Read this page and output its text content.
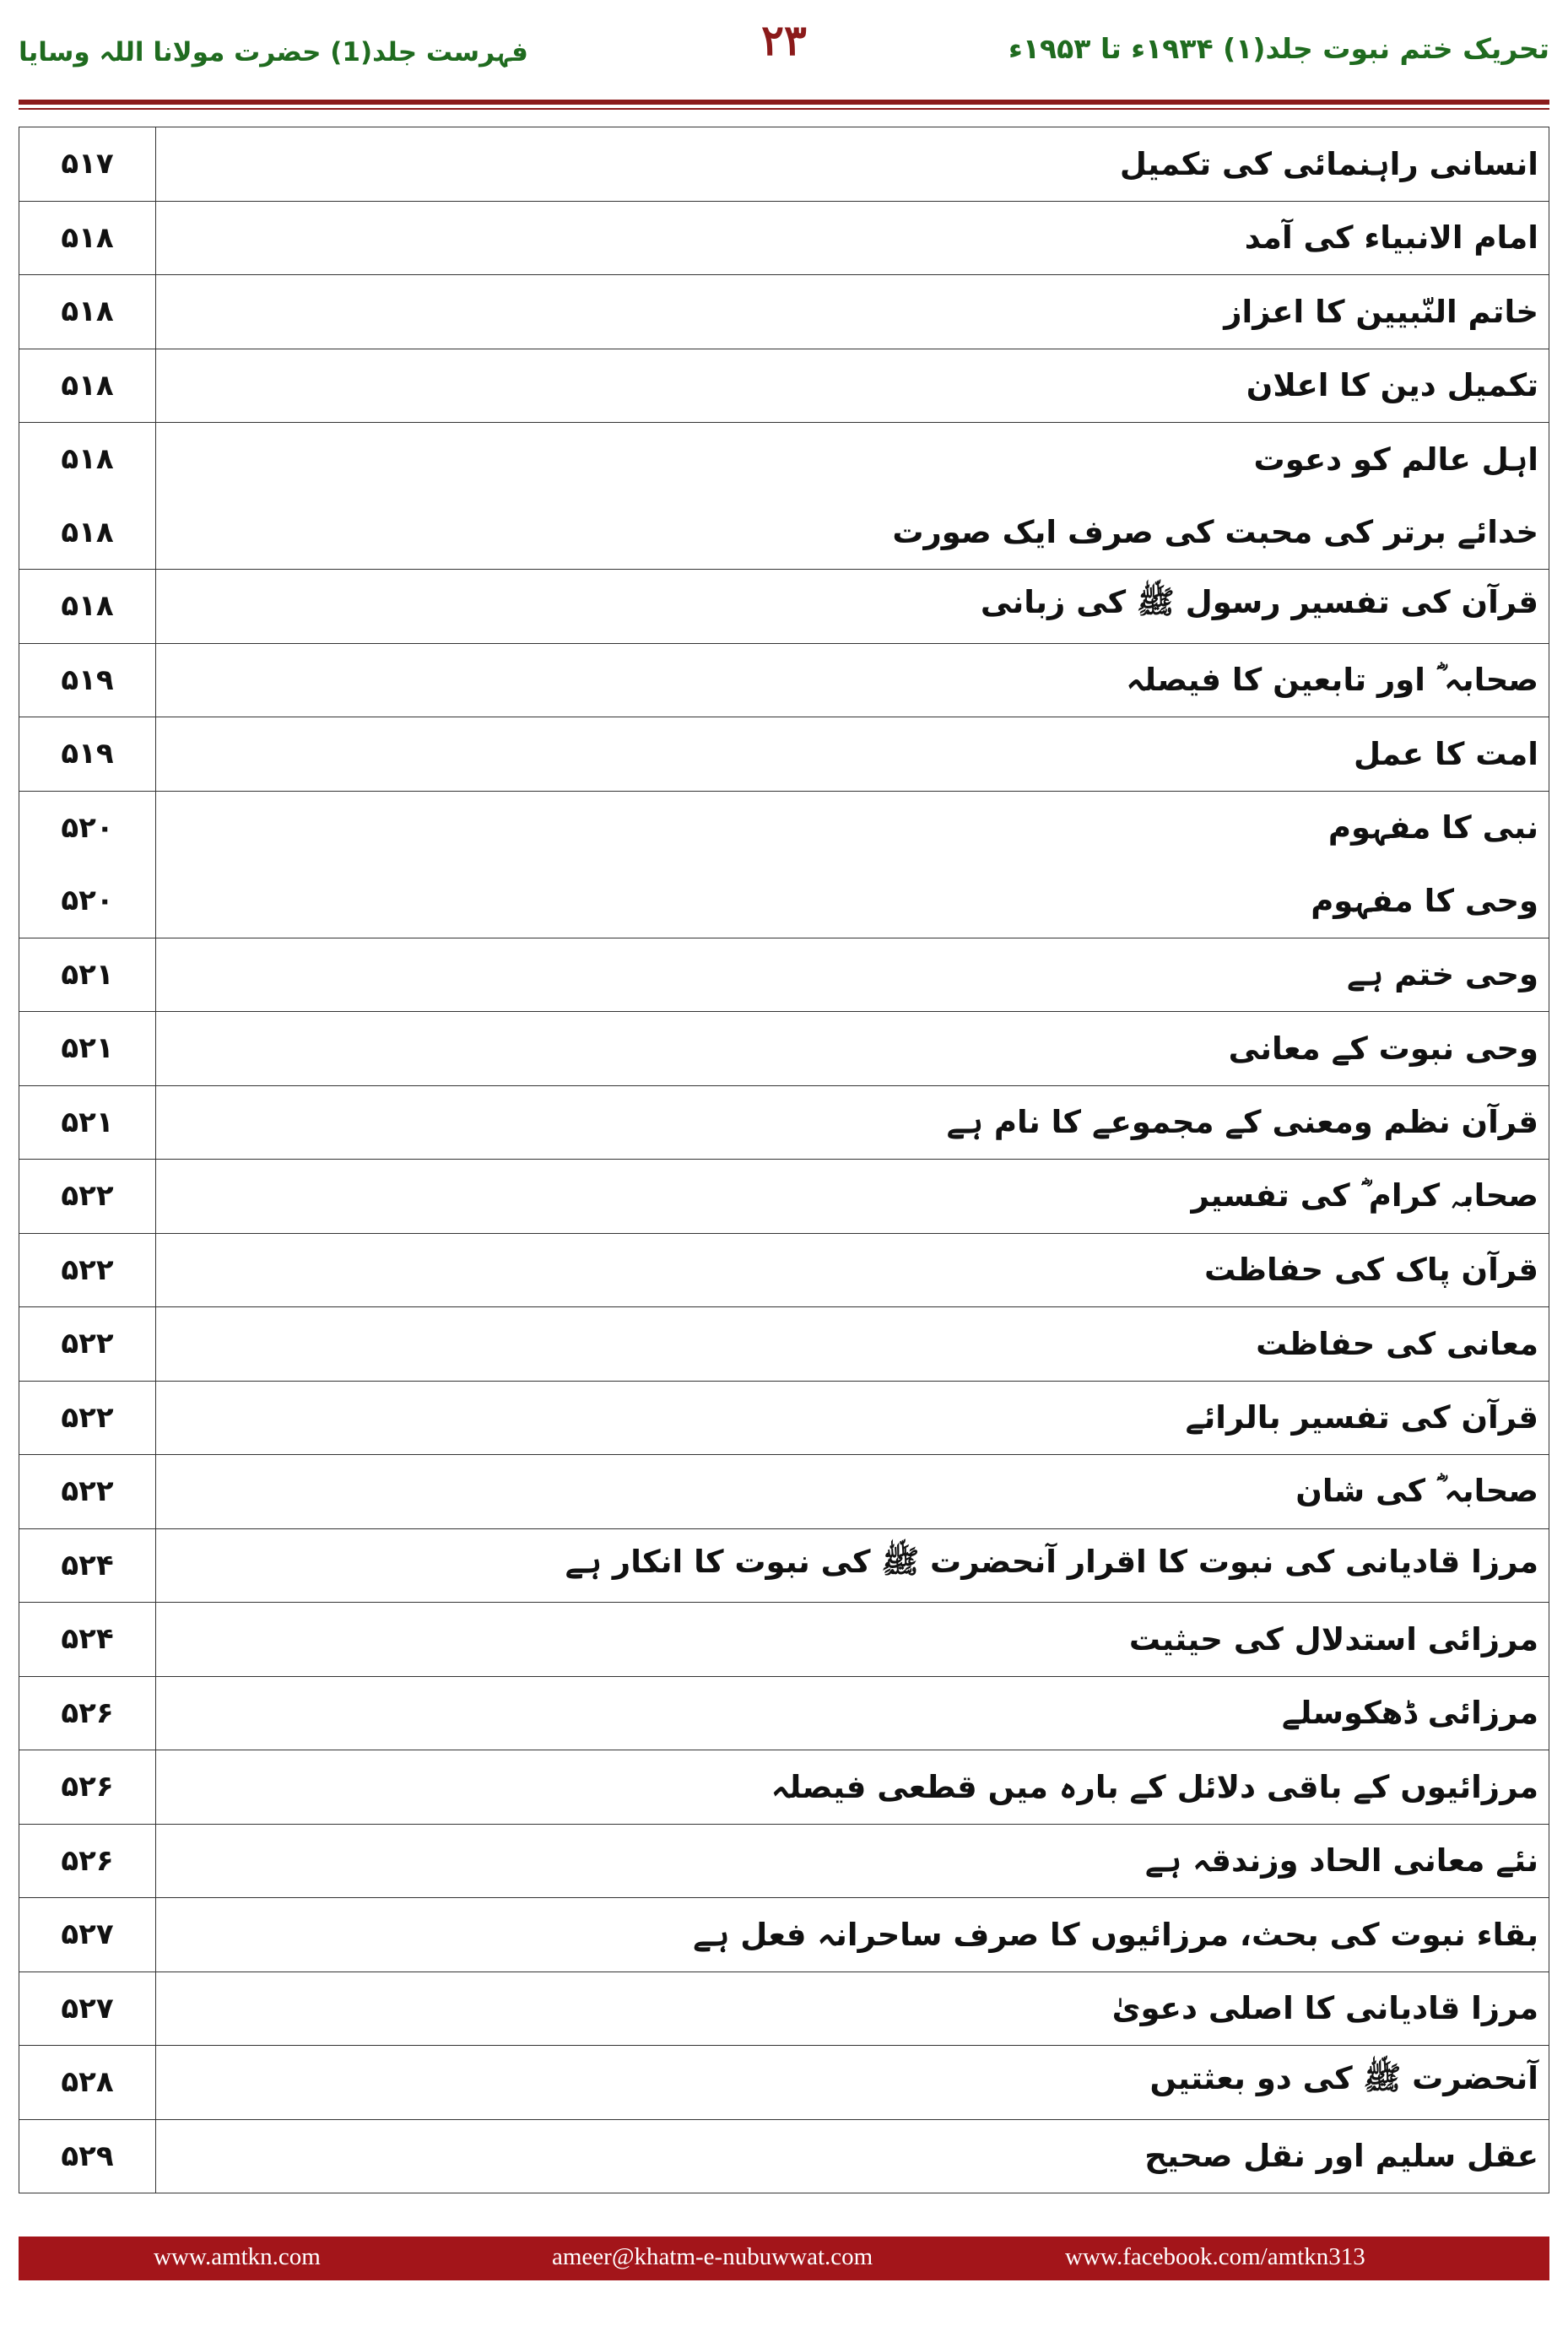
تحریک ختم نبوت جلد(۱) ۱۹۳۴ء تا ۱۹۵۳ء
۲۳
فہرست جلد(1) حضرت مولانا اللہ وسایا
۵۱۷	انسانی راہنمائی کی تکمیل
۵۱۸	امام الانبیاء کی آمد
۵۱۸	خاتم النّبیین کا اعزاز
۵۱۸	تکمیل دین کا اعلان
۵۱۸	اہل عالم کو دعوت
۵۱۸	خدائے برتر کی محبت کی صرف ایک صورت
۵۱۸	قرآن کی تفسیر رسول ﷺ کی زبانی
۵۱۹	صحابہ ؓ اور تابعین کا فیصلہ
۵۱۹	امت کا عمل
۵۲۰	نبی کا مفہوم
۵۲۰	وحی کا مفہوم
۵۲۱	وحی ختم ہے
۵۲۱	وحی نبوت کے معانی
۵۲۱	قرآن نظم ومعنی کے مجموعے کا نام ہے
۵۲۲	صحابہ کرام ؓ کی تفسیر
۵۲۲	قرآن پاک کی حفاظت
۵۲۲	معانی کی حفاظت
۵۲۲	قرآن کی تفسیر بالرائے
۵۲۲	صحابہ ؓ کی شان
۵۲۴	مرزا قادیانی کی نبوت کا اقرار آنحضرت ﷺ کی نبوت کا انکار ہے
۵۲۴	مرزائی استدلال کی حیثیت
۵۲۶	مرزائی ڈھکوسلے
۵۲۶	مرزائیوں کے باقی دلائل کے بارہ میں قطعی فیصلہ
۵۲۶	نئے معانی الحاد وزندقہ ہے
۵۲۷	بقاء نبوت کی بحث، مرزائیوں کا صرف ساحرانہ فعل ہے
۵۲۷	مرزا قادیانی کا اصلی دعویٰ
۵۲۸	آنحضرت ﷺ کی دو بعثتیں
۵۲۹	عقل سلیم اور نقل صحیح
www.amtkn.com	ameer@khatm-e-nubuwwat.com	www.facebook.com/amtkn313
